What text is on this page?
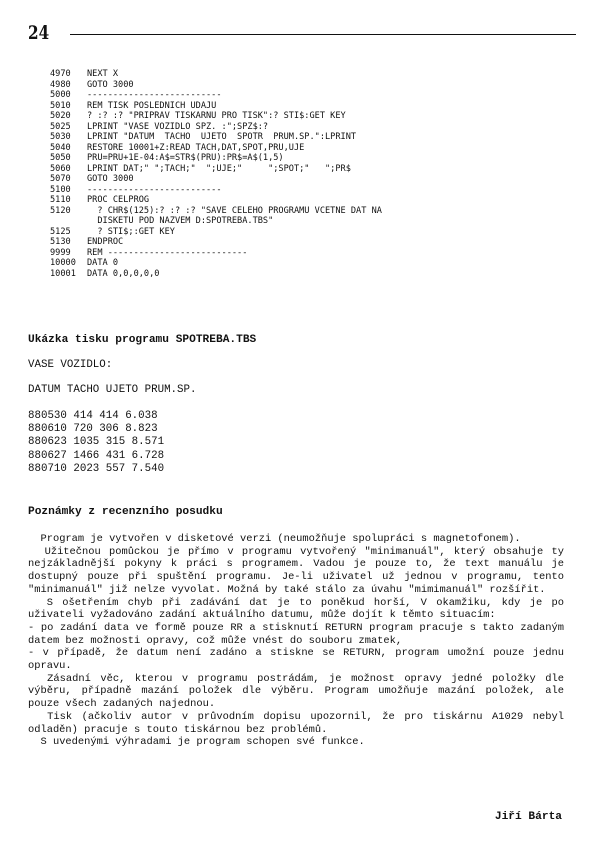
24
4970	NEXT X
4980	GOTO 3000
5000	--------------------------
5010	REM TISK POSLEDNICH UDAJU
5020	? :? :? "PRIPRAV TISKARNU PRO TISK":? STI$:GET KEY
5025	LPRINT "VASE VOZIDLO SPZ. :";SPZ$:?
5030	LPRINT "DATUM  TACHO  UJETO  SPOTR  PRUM.SP.":LPRINT
5040	RESTORE 10001+Z:READ TACH,DAT,SPOT,PRU,UJE
5050	PRU=PRU+1E-04:A$=STR$(PRU):PR$=A$(1,5)
5060	LPRINT DAT;" ";TACH;"  ";UJE;"     ";SPOT;"   ";PR$
5070	GOTO 3000
5100	--------------------------
5110	PROC CELPROG
5120	? CHR$(125):? :? :? "SAVE CELEHO PROGRAMU VCETNE DAT NA
DISKETU POD NAZVEM D:SPOTREBA.TBS"
5125	? STI$;:GET KEY
5130	ENDPROC
9999	REM ---------------------------
10000	DATA 0
10001	DATA 0,0,0,0,0
Ukázka tisku programu SPOTREBA.TBS
VASE VOZIDLO:
DATUM TACHO UJETO PRUM.SP.
880530 414 414 6.038
880610 720 306 8.823
880623 1035 315 8.571
880627 1466 431 6.728
880710 2023 557 7.540
Poznámky z recenzního posudku

Program je vytvořen v disketové verzi (neumožňuje spolupráci s magnetofonem).

Užitečnou pomůckou je přímo v programu vytvořený "minimanuál", který obsahuje ty nejzákladnější pokyny k práci s programem. Vadou je pouze to, že text manuálu je dostupný pouze při spuštění programu. Je-li uživatel už jednou v programu, tento "minimanuál" již nelze vyvolat. Možná by také stálo za úvahu "mimimanuál" rozšířit.

S ošetřením chyb při zadávání dat je to poněkud horší, V okamžiku, kdy je po uživateli vyžadováno zadání aktuálního datumu, může dojít k těmto situacím:

- po zadání data ve formě pouze RR a stisknutí RETURN program pracuje s takto zadaným datem bez možnosti opravy, což může vnést do souboru zmatek,

- v případě, že datum není zadáno a stiskne se RETURN, program umožní pouze jednu opravu.

Zásadní věc, kterou v programu postrádám, je možnost opravy jedné položky dle výběru, případně mazání položek dle výběru. Program umožňuje mazání položek, ale pouze všech zadaných najednou.

Tisk (ačkoliv autor v průvodním dopisu upozornil, že pro tiskárnu A1029 nebyl odladěn) pracuje s touto tiskárnou bez problémů.

S uvedenými výhradami je program schopen své funkce.

Jiří Bárta
